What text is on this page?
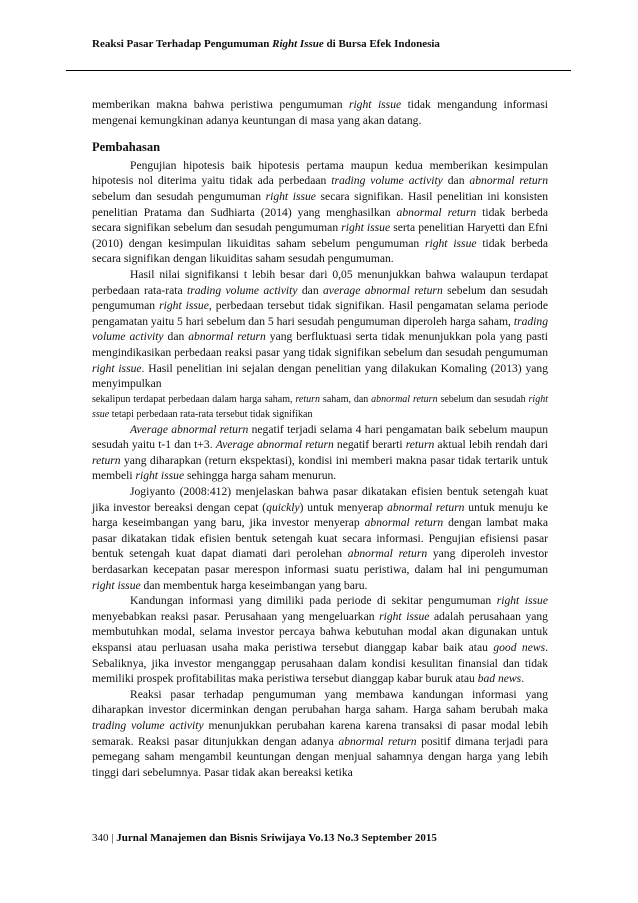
Reaksi Pasar Terhadap Pengumuman Right Issue di Bursa Efek Indonesia

memberikan makna bahwa peristiwa pengumuman right issue tidak mengandung informasi mengenai kemungkinan adanya keuntungan di masa yang akan datang.

Pembahasan

Pengujian hipotesis baik hipotesis pertama maupun kedua memberikan kesimpulan hipotesis nol diterima yaitu tidak ada perbedaan trading volume activity dan abnormal return sebelum dan sesudah pengumuman right issue secara signifikan. Hasil penelitian ini konsisten penelitian Pratama dan Sudhiarta (2014) yang menghasilkan abnormal return tidak berbeda secara signifikan sebelum dan sesudah pengumuman right issue serta penelitian Haryetti dan Efni (2010) dengan kesimpulan likuiditas saham sebelum pengumuman right issue tidak berbeda secara signifikan dengan likuiditas saham sesudah pengumuman.

Hasil nilai signifikansi t lebih besar dari 0,05 menunjukkan bahwa walaupun terdapat perbedaan rata-rata trading volume activity dan average abnormal return sebelum dan sesudah pengumuman right issue, perbedaan tersebut tidak signifikan. Hasil pengamatan selama periode pengamatan yaitu 5 hari sebelum dan 5 hari sesudah pengumuman diperoleh harga saham, trading volume activity dan abnormal return yang berfluktuasi serta tidak menunjukkan pola yang pasti mengindikasikan perbedaan reaksi pasar yang tidak signifikan sebelum dan sesudah pengumuman right issue. Hasil penelitian ini sejalan dengan penelitian yang dilakukan Komaling (2013) yang menyimpulkan

sekalipun terdapat perbedaan dalam harga saham, return saham, dan abnormal return sebelum dan sesudah right ssue tetapi perbedaan rata-rata tersebut tidak signifikan

Average abnormal return negatif terjadi selama 4 hari pengamatan baik sebelum maupun sesudah yaitu t-1 dan t+3. Average abnormal return negatif berarti return aktual lebih rendah dari return yang diharapkan (return ekspektasi), kondisi ini memberi makna pasar tidak tertarik untuk membeli right issue sehingga harga saham menurun.

Jogiyanto (2008:412) menjelaskan bahwa pasar dikatakan efisien bentuk setengah kuat jika investor bereaksi dengan cepat (quickly) untuk menyerap abnormal return untuk menuju ke harga keseimbangan yang baru, jika investor menyerap abnormal return dengan lambat maka pasar dikatakan tidak efisien bentuk setengah kuat secara informasi. Pengujian efisiensi pasar bentuk setengah kuat dapat diamati dari perolehan abnormal return yang diperoleh investor berdasarkan kecepatan pasar merespon informasi suatu peristiwa, dalam hal ini pengumuman right issue dan membentuk harga keseimbangan yang baru.

Kandungan informasi yang dimiliki pada periode di sekitar pengumuman right issue menyebabkan reaksi pasar. Perusahaan yang mengeluarkan right issue adalah perusahaan yang membutuhkan modal, selama investor percaya bahwa kebutuhan modal akan digunakan untuk ekspansi atau perluasan usaha maka peristiwa tersebut dianggap kabar baik atau good news. Sebaliknya, jika investor menganggap perusahaan dalam kondisi kesulitan finansial dan tidak memiliki prospek profitabilitas maka peristiwa tersebut dianggap kabar buruk atau bad news.

Reaksi pasar terhadap pengumuman yang membawa kandungan informasi yang diharapkan investor dicerminkan dengan perubahan harga saham. Harga saham berubah maka trading volume activity menunjukkan perubahan karena karena transaksi di pasar modal lebih semarak. Reaksi pasar ditunjukkan dengan adanya abnormal return positif dimana terjadi para pemegang saham mengambil keuntungan dengan menjual sahamnya dengan harga yang lebih tinggi dari sebelumnya. Pasar tidak akan bereaksi ketika

340 | Jurnal Manajemen dan Bisnis Sriwijaya Vo.13 No.3 September 2015
